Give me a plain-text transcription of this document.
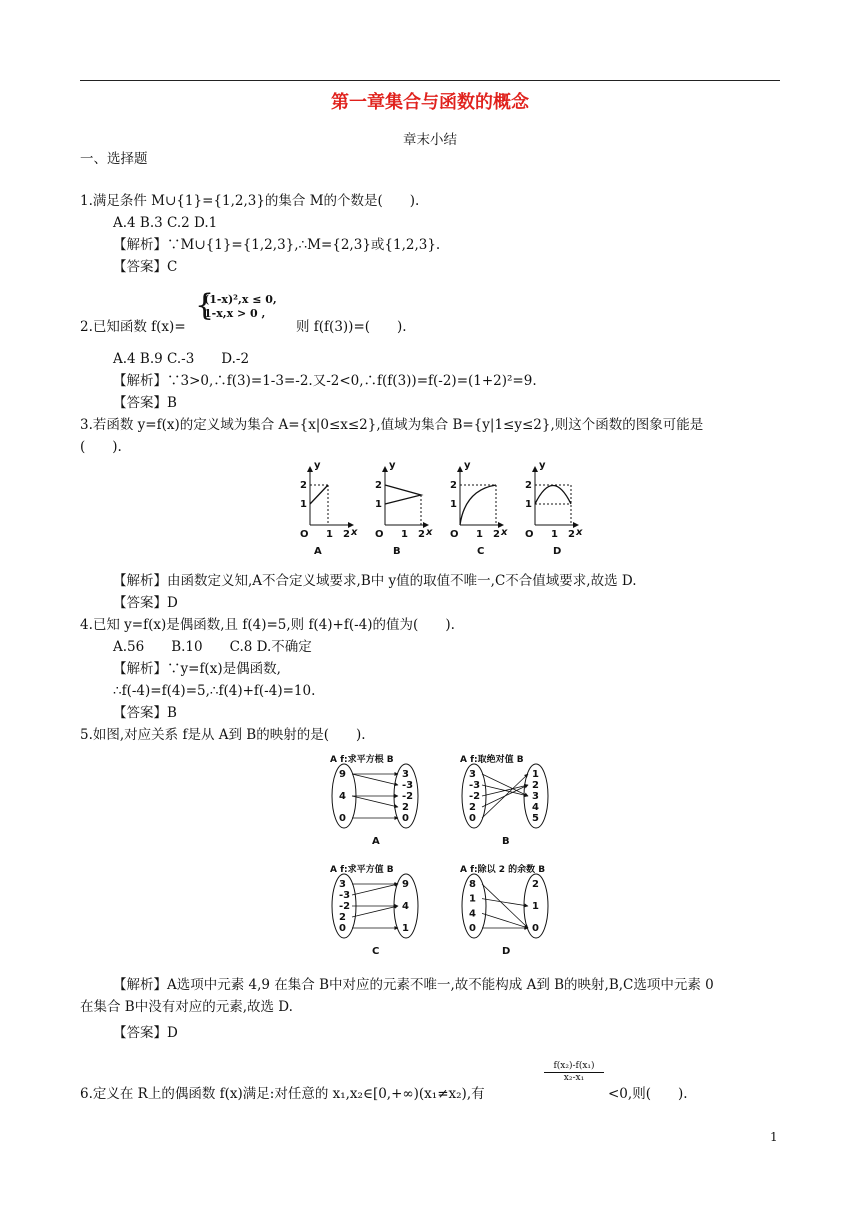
第一章集合与函数的概念
章末小结
一、选择题
1.满足条件 M∪{1}={1,2,3}的集合 M的个数是(　　).
A.4 B.3 C.2 D.1
【解析】∵M∪{1}={1,2,3},∴M={2,3}或{1,2,3}.
【答案】C
2.已知函数 f(x)=
{
(1-x)²,x ≤ 0,
1-x,x > 0 ,
则 f(f(3))=(　　).
A.4 B.9 C.-3　　D.-2
【解析】∵3>0,∴f(3)=1-3=-2.又-2<0,∴f(f(3))=f(-2)=(1+2)²=9.
【答案】B
3.若函数 y=f(x)的定义域为集合 A={x|0≤x≤2},值域为集合 B={y|1≤y≤2},则这个函数的图象可能是
(　　).
y
2
1
O 1 2 x
A
y
2
1
O 1 2 x
B
y
2
1
O 1 2 x
C
y
2
1
O 1 2 x
D
【解析】由函数定义知,A不合定义域要求,B中 y值的取值不唯一,C不合值域要求,故选 D.
【答案】D
4.已知 y=f(x)是偶函数,且 f(4)=5,则 f(4)+f(-4)的值为(　　).
A.56　　B.10　　C.8 D.不确定
【解析】∵y=f(x)是偶函数,
∴f(-4)=f(4)=5,∴f(4)+f(-4)=10.
【答案】B
5.如图,对应关系 f是从 A到 B的映射的是(　　).
A f:求平方根 B
9
4
0
3
-3
-2
2
0
A
A f:取绝对值 B
3
-3
-2
2
0
1
2
3
4
5
B
A f:求平方值 B
3
-3
-2
2
0
9
4
1
C
A f:除以 2 的余数 B
8
1
4
0
2
1
0
D
【解析】A选项中元素 4,9 在集合 B中对应的元素不唯一,故不能构成 A到 B的映射,B,C选项中元素 0
在集合 B中没有对应的元素,故选 D.
【答案】D
6.定义在 R上的偶函数 f(x)满足:对任意的 x₁,x₂∈[0,+∞)(x₁≠x₂),有
$\frac{\text{f(x₂)-f(x₁)}}{\text{x₂-x₁}}$
<0,则(　　).
1
